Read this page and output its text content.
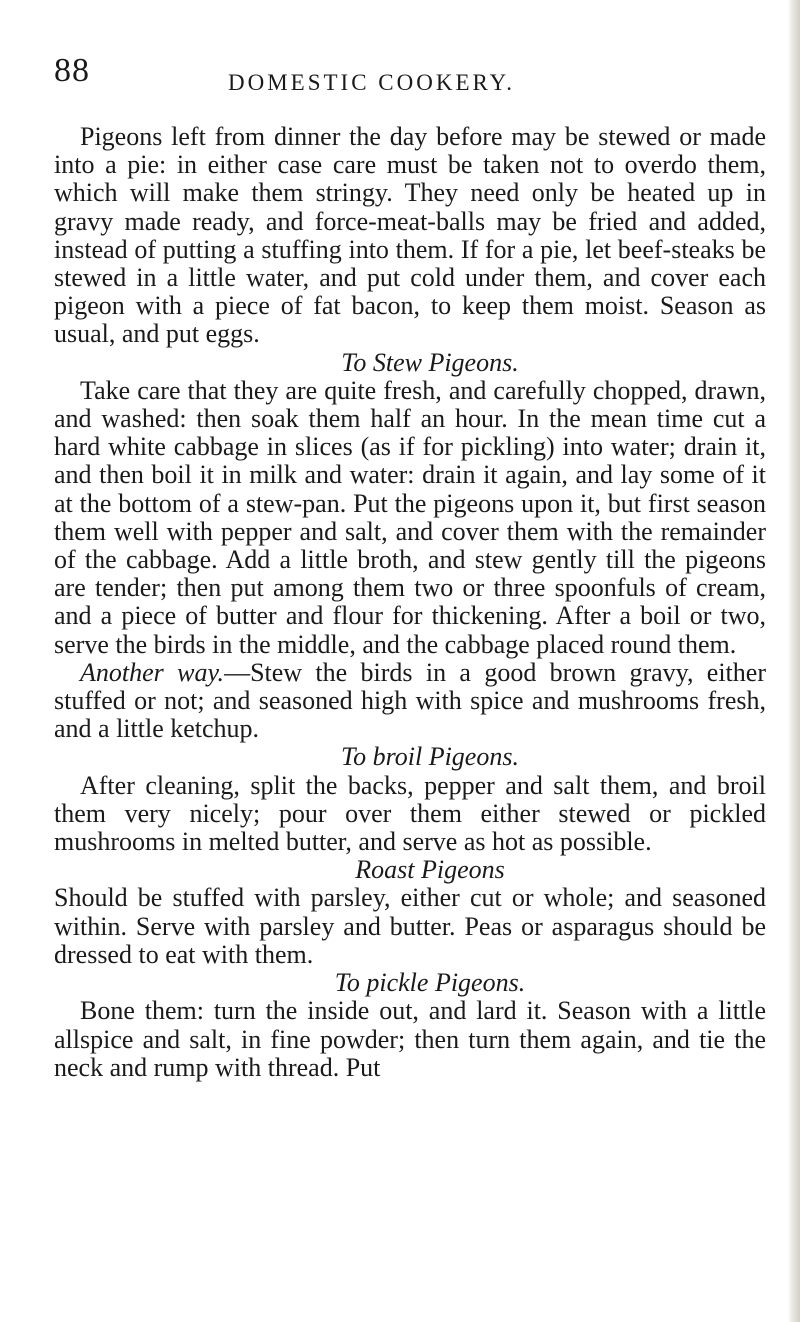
88	DOMESTIC COOKERY.

Pigeons left from dinner the day before may be stewed or made into a pie: in either case care must be taken not to overdo them, which will make them stringy. They need only be heated up in gravy made ready, and force-meat-balls may be fried and added, instead of putting a stuffing into them. If for a pie, let beef-steaks be stewed in a little water, and put cold under them, and cover each pigeon with a piece of fat bacon, to keep them moist. Season as usual, and put eggs.

To Stew Pigeons.

Take care that they are quite fresh, and carefully chopped, drawn, and washed: then soak them half an hour. In the mean time cut a hard white cabbage in slices (as if for pickling) into water; drain it, and then boil it in milk and water: drain it again, and lay some of it at the bottom of a stew-pan. Put the pigeons upon it, but first season them well with pepper and salt, and cover them with the remainder of the cabbage. Add a little broth, and stew gently till the pigeons are tender; then put among them two or three spoonfuls of cream, and a piece of butter and flour for thickening. After a boil or two, serve the birds in the middle, and the cabbage placed round them.

Another way.—Stew the birds in a good brown gravy, either stuffed or not; and seasoned high with spice and mushrooms fresh, and a little ketchup.

To broil Pigeons.

After cleaning, split the backs, pepper and salt them, and broil them very nicely; pour over them either stewed or pickled mushrooms in melted butter, and serve as hot as possible.

Roast Pigeons

Should be stuffed with parsley, either cut or whole; and seasoned within. Serve with parsley and butter. Peas or asparagus should be dressed to eat with them.

To pickle Pigeons.

Bone them: turn the inside out, and lard it. Season with a little allspice and salt, in fine powder; then turn them again, and tie the neck and rump with thread. Put
